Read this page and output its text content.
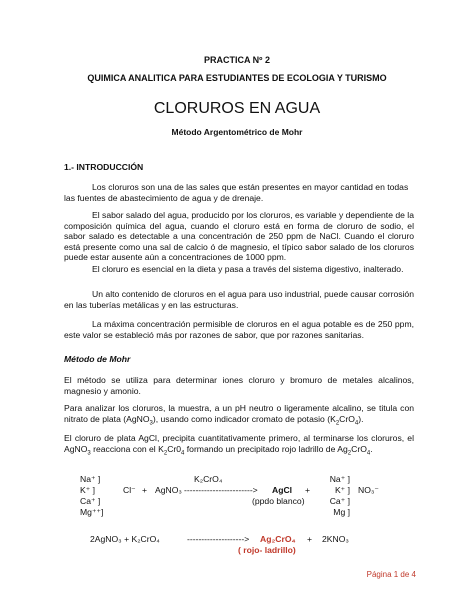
PRACTICA Nº 2
QUIMICA ANALITICA PARA ESTUDIANTES DE ECOLOGIA Y TURISMO
CLORUROS EN AGUA
Método Argentométrico de Mohr
1.- INTRODUCCIÓN
Los cloruros son una de las sales que están presentes en mayor cantidad en todas las fuentes de abastecimiento de agua y de drenaje.
El sabor salado del agua, producido por los cloruros, es variable y dependiente de la composición química del agua, cuando el cloruro está en forma de cloruro de sodio, el sabor salado es detectable a una concentración de 250 ppm de NaCl. Cuando el cloruro está presente como una sal de calcio ó de magnesio, el típico sabor salado de los cloruros puede estar ausente aún a concentraciones de 1000 ppm.
El cloruro es esencial en la dieta y pasa a través del sistema digestivo, inalterado.
Un alto contenido de cloruros en el agua para uso industrial, puede causar corrosión en las tuberías metálicas y en las estructuras.
La máxima concentración permisible de cloruros en el agua potable es de 250 ppm, este valor se estableció más por razones de sabor, que por razones sanitarias.
Método de Mohr
El método se utiliza para determinar iones cloruro y bromuro de metales alcalinos, magnesio y amonio.
Para analizar los cloruros, la muestra, a un pH neutro o ligeramente alcalino, se titula con nitrato de plata (AgNO$_3$), usando como indicador cromato de potasio $(K_2CrO_4)$.
El cloruro de plata AgCl, precipita cuantitativamente primero, al terminarse los cloruros, el AgNO$_3$ reacciona con el $K_2Cr0_4$ formando un precipitado rojo ladrillo de $Ag_2CrO_4$.
Na⁺ ]
K⁺ ]
Ca⁺ ]
Mg⁺⁺]
Cl⁻ + AgNO₃
K₂CrO₄
------------------------> AgCl
(ppdo blanco)
+
Na⁺ ]
K⁺ ]
Ca⁺ ]
Mg ]
NO₃⁻
2AgNO₃ + K₂CrO₄	--------------------> Ag₂CrO₄ + 2KNO₃
( rojo- ladrillo)
Página 1 de 4
